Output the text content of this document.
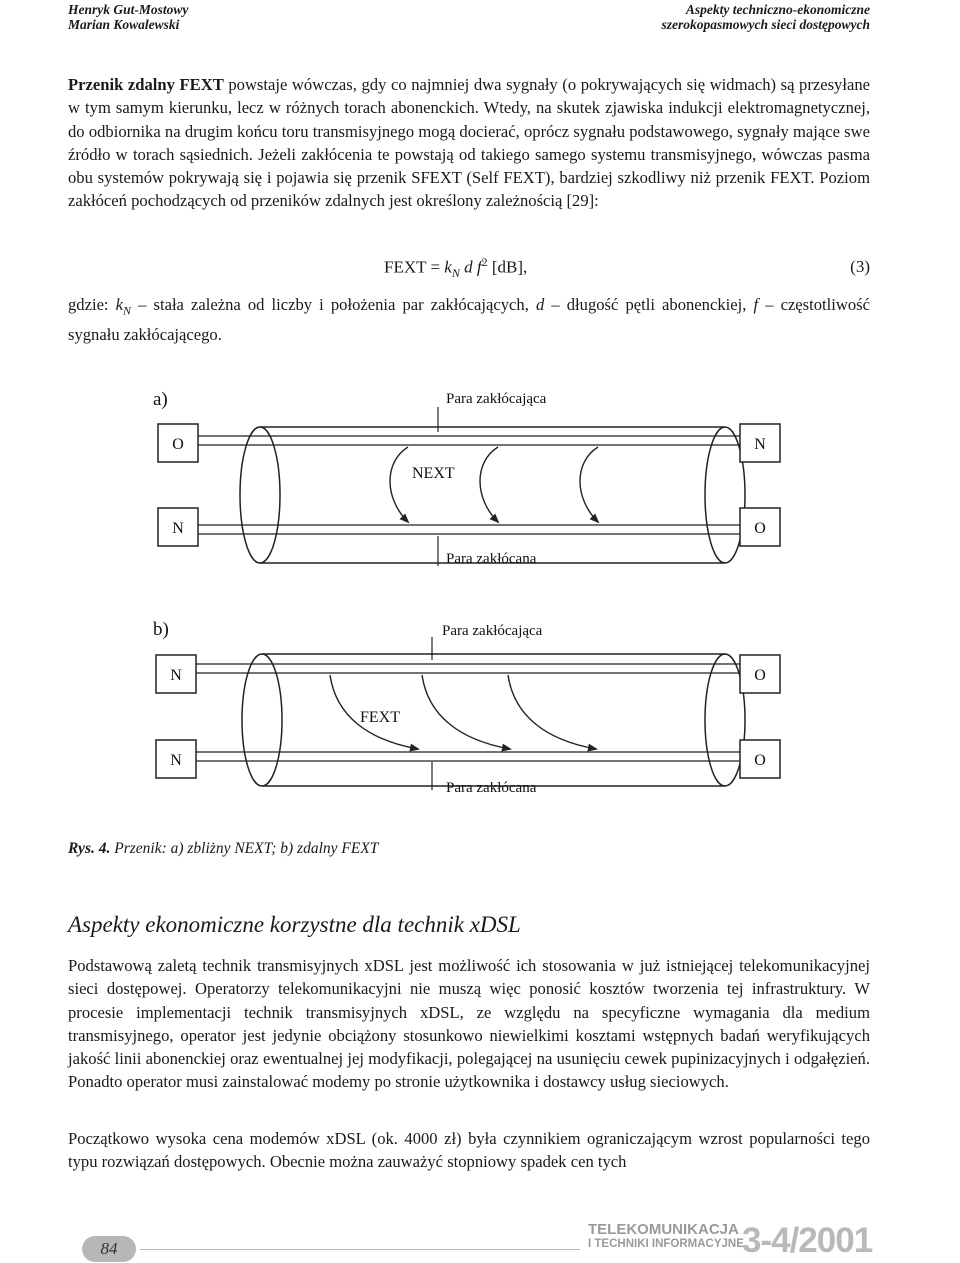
Henryk Gut-Mostowy
Marian Kowalewski
Aspekty techniczno-ekonomiczne
szerokopasmowych sieci dostępowych

Przenik zdalny FEXT powstaje wówczas, gdy co najmniej dwa sygnały (o pokrywających się widmach) są przesyłane w tym samym kierunku, lecz w różnych torach abonenckich. Wtedy, na skutek zjawiska indukcji elektromagnetycznej, do odbiornika na drugim końcu toru transmisyjnego mogą docierać, oprócz sygnału podstawowego, sygnały mające swe źródło w torach sąsiednich. Jeżeli zakłócenia te powstają od takiego samego systemu transmisyjnego, wówczas pasma obu systemów pokrywają się i pojawia się przenik SFEXT (Self FEXT), bardziej szkodliwy niż przenik FEXT. Poziom zakłóceń pochodzących od przeników zdalnych jest określony zależnością [29]:

FEXT = $k_N$ d $f^2$ [dB],	(3)

gdzie: $k_N$ – stała zależna od liczby i położenia par zakłócających, d – długość pętli abonenckiej, f – częstotliwość sygnału zakłócającego.

a)
O	N
N	O
Para zakłócająca
Para zakłócana
NEXT
b)
N	O
N	O
Para zakłócająca
Para zakłócana
FEXT
Rys. 4. Przenik: a) zbliżny NEXT; b) zdalny FEXT
Aspekty ekonomiczne korzystne dla technik xDSL

Podstawową zaletą technik transmisyjnych xDSL jest możliwość ich stosowania w już istniejącej telekomunikacyjnej sieci dostępowej. Operatorzy telekomunikacyjni nie muszą więc ponosić kosztów tworzenia tej infrastruktury. W procesie implementacji technik transmisyjnych xDSL, ze względu na specyficzne wymagania dla medium transmisyjnego, operator jest jedynie obciążony stosunkowo niewielkimi kosztami wstępnych badań weryfikujących jakość linii abonenckiej oraz ewentualnej jej modyfikacji, polegającej na usunięciu cewek pupinizacyjnych i odgałęzień. Ponadto operator musi zainstalować modemy po stronie użytkownika i dostawcy usług sieciowych.

Początkowo wysoka cena modemów xDSL (ok. 4000 zł) była czynnikiem ograniczającym wzrost popularności tego typu rozwiązań dostępowych. Obecnie można zauważyć stopniowy spadek cen tych

84
TELEKOMUNIKACJA
I TECHNIKI INFORMACYJNE
3-4/2001
